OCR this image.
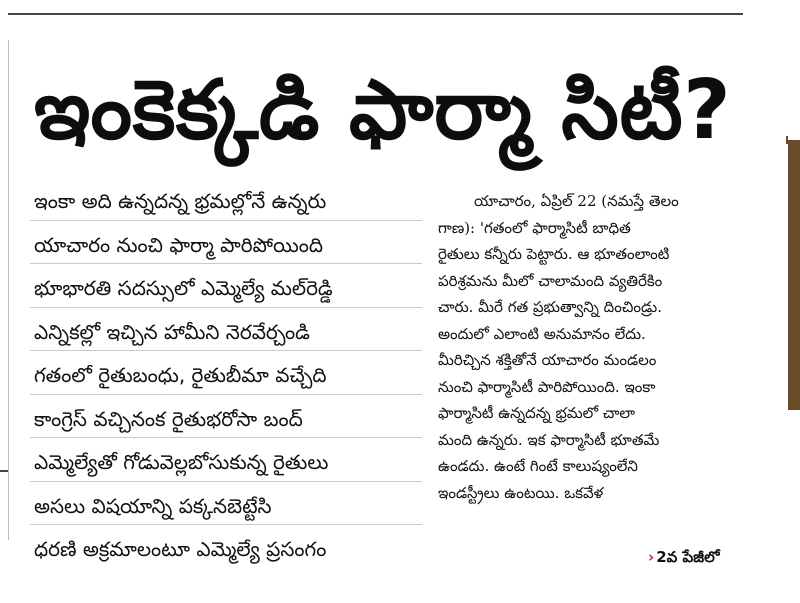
ఇంకెక్కడి ఫార్మా సిటీ?
ఇంకా అది ఉన్నదన్న భ్రమల్లోనే ఉన్నరు
యాచారం నుంచి ఫార్మా పారిపోయింది
భూభారతి సదస్సులో ఎమ్మెల్యే మల్‌రెడ్డి
ఎన్నికల్లో ఇచ్చిన హామీని నెరవేర్చండి
గతంలో రైతుబంధు, రైతుబీమా వచ్చేది
కాంగ్రెస్ వచ్చినంక రైతుభరోసా బంద్
ఎమ్మెల్యేతో గోడువెల్లబోసుకున్న రైతులు
అసలు విషయాన్ని పక్కనబెట్టేసి
ధరణి అక్రమాలంటూ ఎమ్మెల్యే ప్రసంగం
యాచారం, ఏప్రిల్ 22 (నమస్తే తెలం
గాణ): 'గతంలో ఫార్మాసిటీ బాధిత
రైతులు కన్నీరు పెట్టారు. ఆ భూతంలాంటి
పరిశ్రమను మీలో చాలామంది వ్యతిరేకిం
చారు. మీరే గత ప్రభుత్వాన్ని దించిండ్రు.
అందులో ఎలాంటి అనుమానం లేదు.
మీరిచ్చిన శక్తితోనే యాచారం మండలం
నుంచి ఫార్మాసిటీ పారిపోయింది. ఇంకా
ఫార్మాసిటీ ఉన్నదన్న భ్రమలో చాలా
మంది ఉన్నరు. ఇక ఫార్మాసిటీ భూతమే
ఉండదు. ఉంటే గింటే కాలుష్యంలేని
ఇండస్ట్రీలు ఉంటయి. ఒకవేళ
› 2వ పేజీలో
